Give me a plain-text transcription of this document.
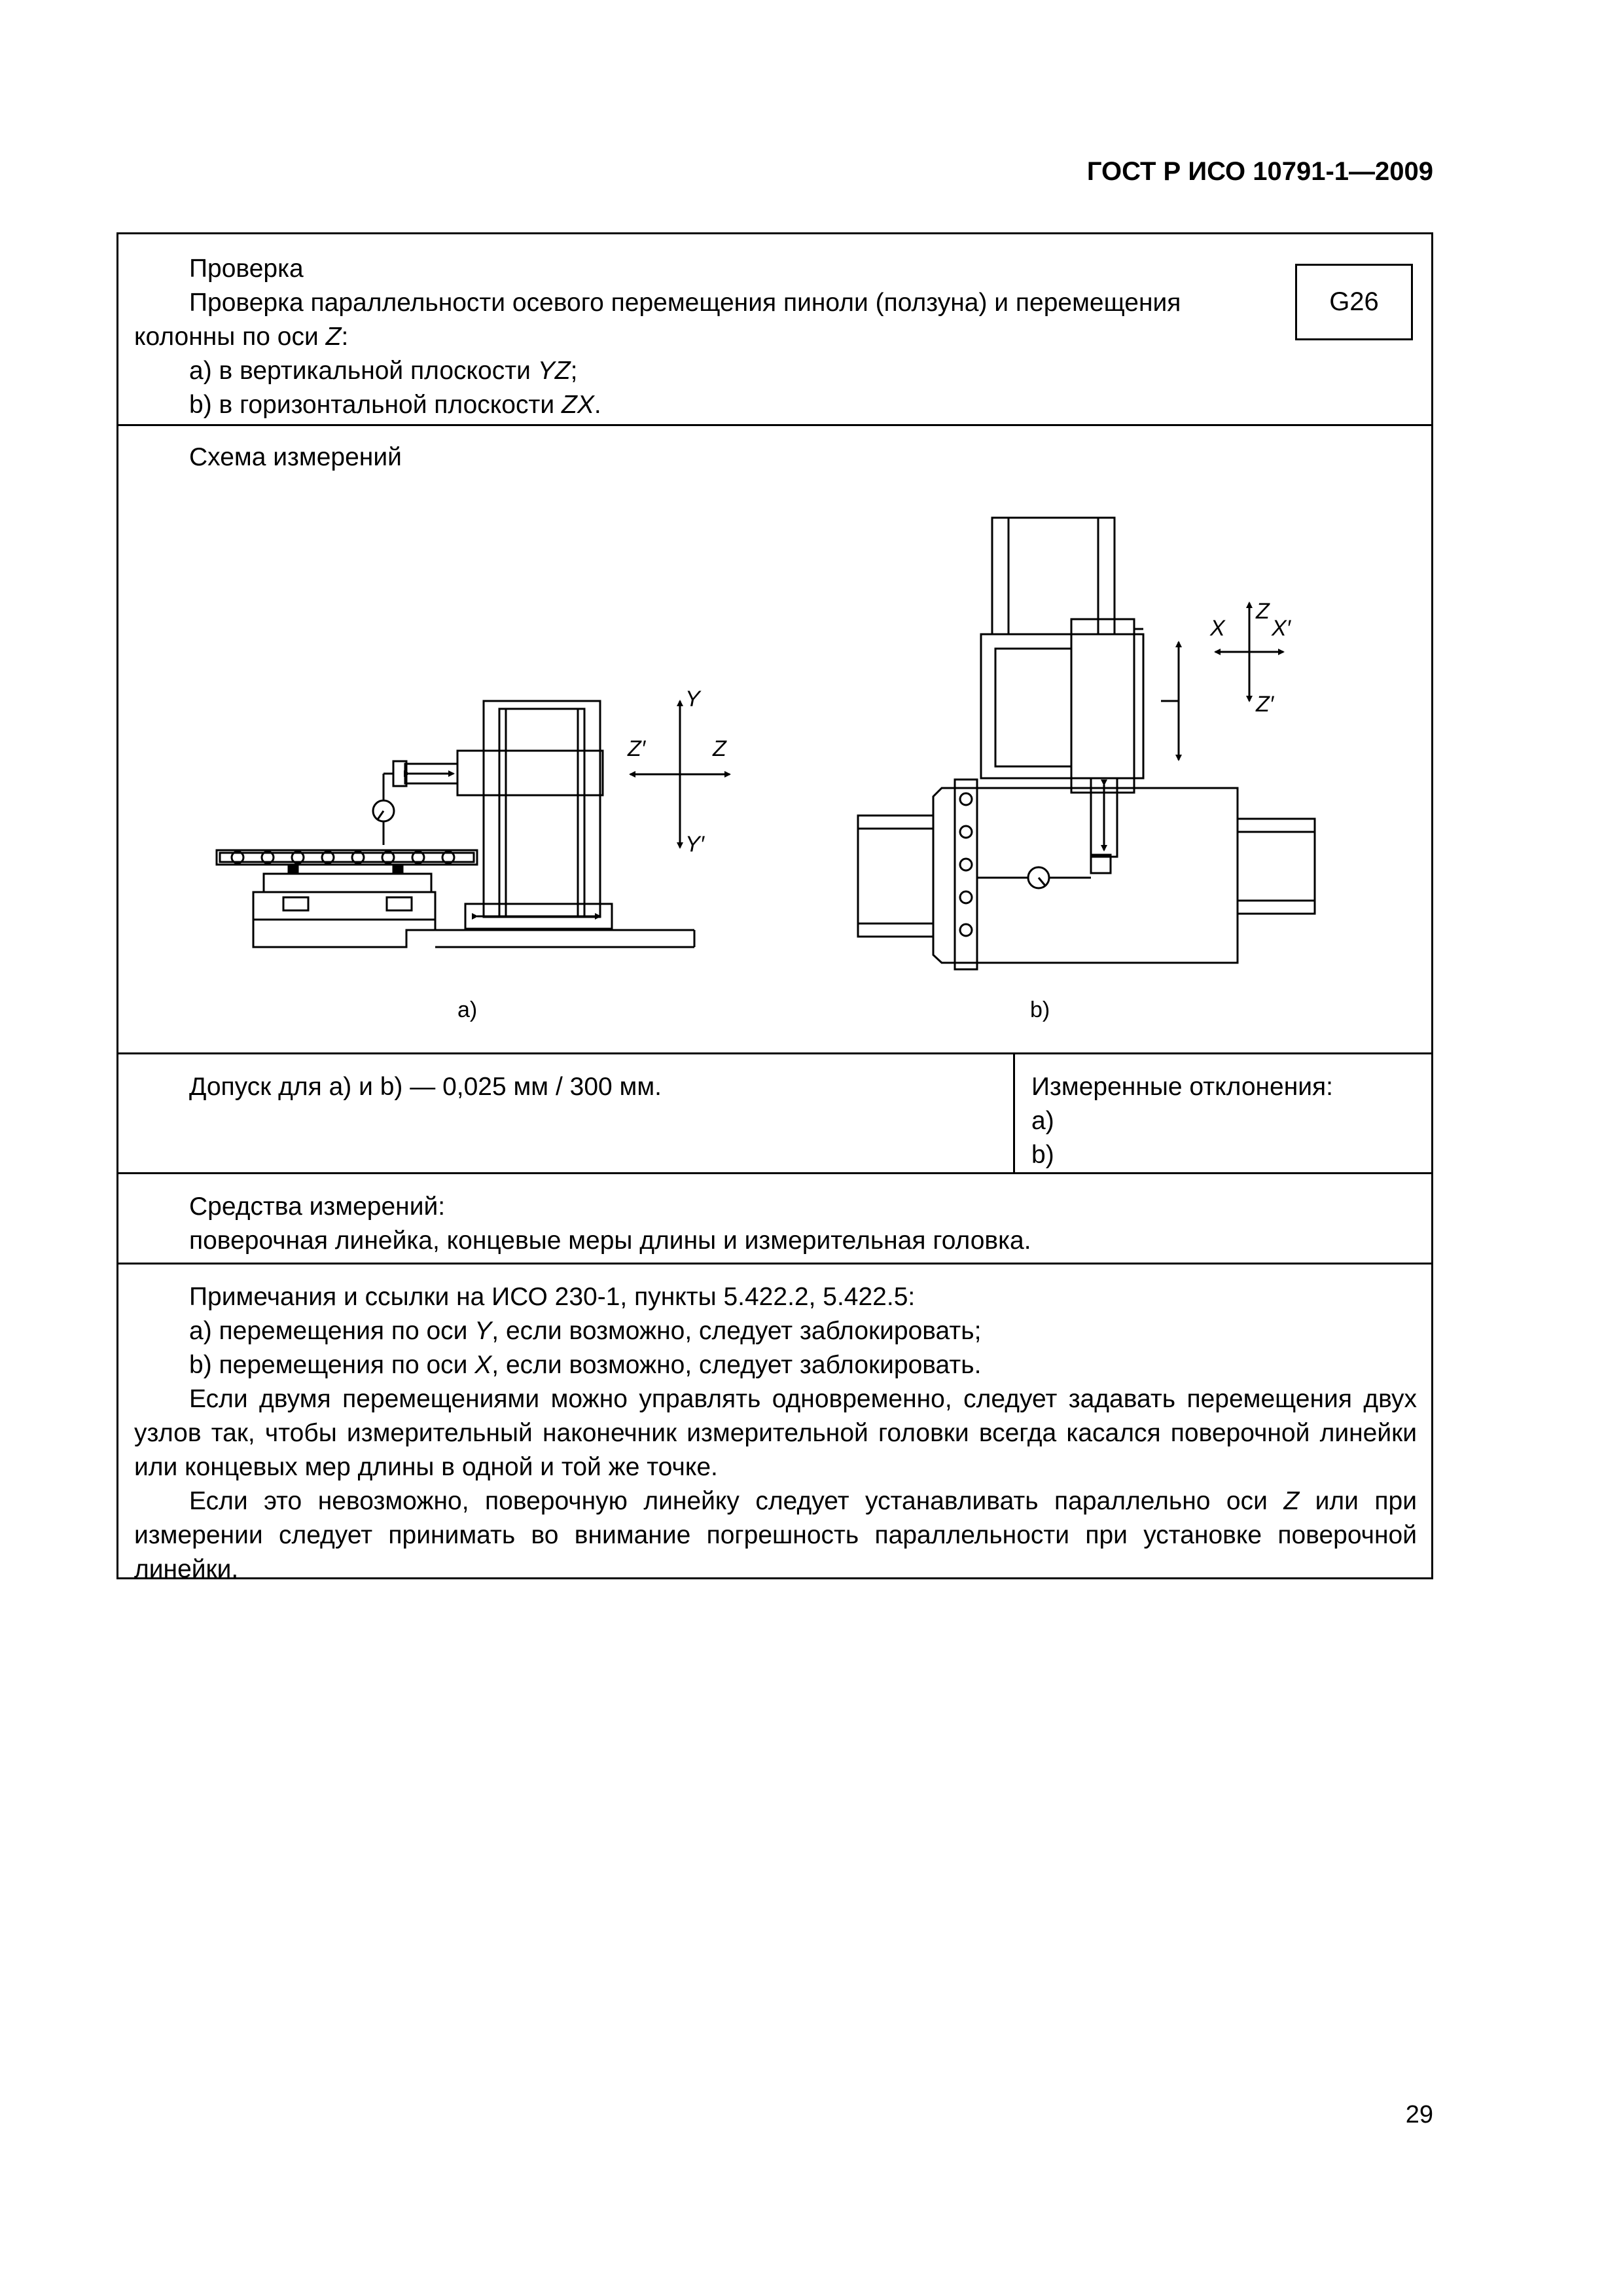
ГОСТ Р ИСО 10791-1—2009
Проверка
Проверка параллельности осевого перемещения пиноли (ползуна) и перемещения
колонны по оси Z:
а) в вертикальной плоскости YZ;
b) в горизонтальной плоскости ZX.
G26
Схема измерений
Y
Y′
Z′	Z
Z
Z′
X X′
а)	b)
Допуск для а) и b) — 0,025 мм / 300 мм.	Измеренные отклонения:
а)
b)
Средства измерений:
поверочная линейка, концевые меры длины и измерительная головка.
Примечания и ссылки на ИСО 230-1, пункты 5.422.2, 5.422.5:
а) перемещения по оси Y, если возможно, следует заблокировать;
b) перемещения по оси X, если возможно, следует заблокировать.
Если двумя перемещениями можно управлять одновременно, следует задавать перемещения двух узлов так, чтобы измерительный наконечник измерительной головки всегда касался поверочной линейки или концевых мер длины в одной и той же точке.
Если это невозможно, поверочную линейку следует устанавливать параллельно оси Z или при измерении следует принимать во внимание погрешность параллельности при установке поверочной линейки.
29
